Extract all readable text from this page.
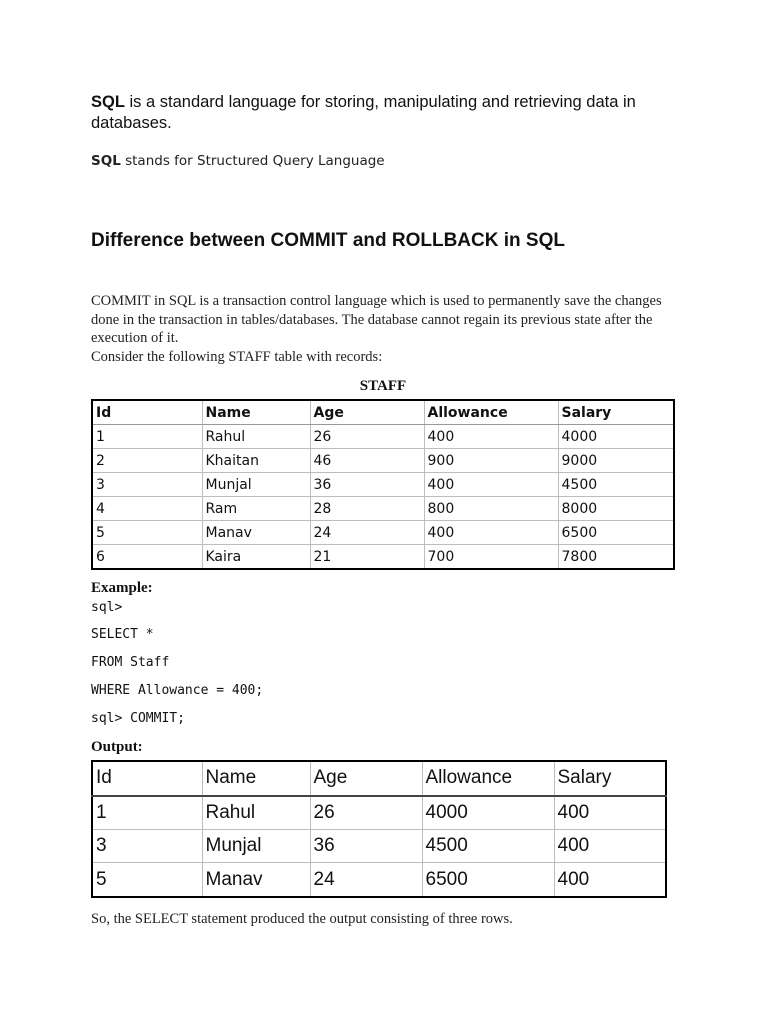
SQL is a standard language for storing, manipulating and retrieving data in databases.
SQL stands for Structured Query Language
Difference between COMMIT and ROLLBACK in SQL
COMMIT in SQL is a transaction control language which is used to permanently save the changes done in the transaction in tables/databases. The database cannot regain its previous state after the execution of it.
Consider the following STAFF table with records:
STAFF
Id	Name	Age	Allowance	Salary
1	Rahul	26	400	4000
2	Khaitan	46	900	9000
3	Munjal	36	400	4500
4	Ram	28	800	8000
5	Manav	24	400	6500
6	Kaira	21	700	7800
Example:
sql>
SELECT *
FROM Staff
WHERE Allowance = 400;
sql> COMMIT;
Output:
Id	Name	Age	Allowance	Salary
1	Rahul	26	4000	400
3	Munjal	36	4500	400
5	Manav	24	6500	400
So, the SELECT statement produced the output consisting of three rows.
